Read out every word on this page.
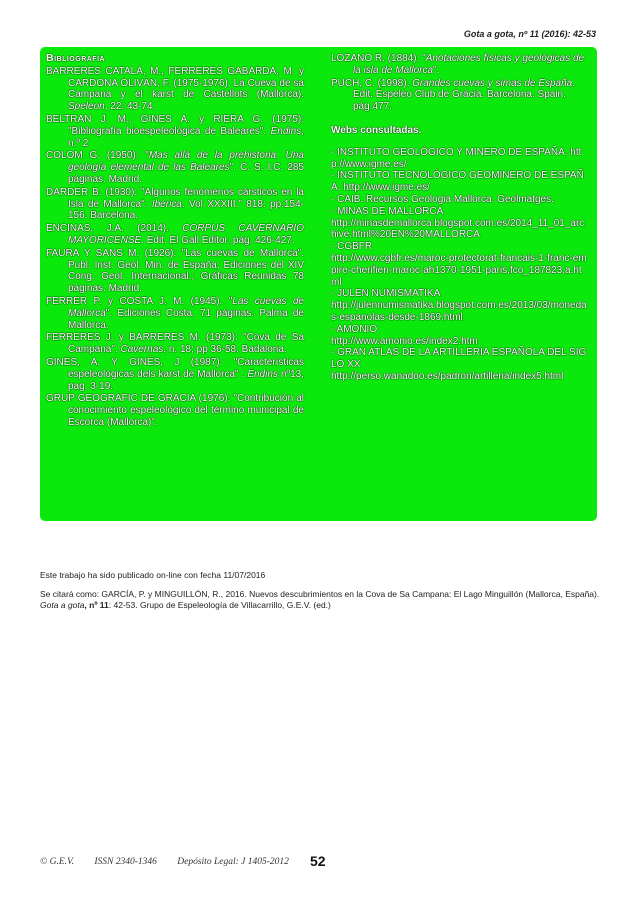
Gota a gota, nº 11 (2016): 42-53
Bibliografía
BARRERES CATALÁ, M., FERRERES GABARDA, M. y CARDONA OLIVÁN, F. (1975-1976). La Cueva de sa Campana y el karst de Castellots (Mallorca). Speleon, 22: 43-74.
BELTRAN J. M., GINES A. y RIERA G. (1975): "Bibliografía bioespeleológica de Baleares". Endins, n.º 2
COLOM G. (1950): "Mas allá de la prehistoria. Una geología elemental de las Baleares". C. S. I.C. 285 páginas. Madrid.
DARDER B. (1930): "Algunos fenómenos cársticos en la Isla de Mallorca". Ibérica. Vol XXXIII." 818: pp.154-156. Barcelona.
ENCINAS, J.A. (2014). CORPUS CAVERNARIO MAYORICENSE. Edit. El Gall Editor. pág. 426-427.
FAURA Y SANS M. (1926): "Las cuevas de Mallorca". Publ. Inst. Geol. Min. de España; Ediciones del XIV Cong. Geol. Internacional.; Gráficas Reunidas 78 páginas. Madrid.
FERRER P. y COSTA J. M. (1945). "Las cuevas de Mallorca". Ediciones Costa. 71 páginas. Palma de Mallorca.
FERRERES J. y BARRERES M. (1973): "Cova de Sa Campana". Cavernas. n. 18; pp 36-58. Badalona.
GINÉS, A. Y GINÉS, J (1987): "Características espeleológicas dels karst de Mallorca" . Endins nº13, pag. 3-19.
GRUP GEOGRÀFIC DE GRÀCIA (1976): "Contribución al conocimiento espeleológico del término municipal de Escorca (Mallorca)".
LOZANO R. (1884): "Anotaciones físicas y geológicas de la isla de Mallorca".
PUCH, C. (1998). Grandes cuevas y simas de España. Edit. Espeleo Club de Gràcia. Barcelona. Spain. pág.477.
Webs consultadas.
- INSTITUTO GEOLÓGICO Y MINERO DE ESPAÑA. http://www.igme.es/
- INSTITUTO TECNOLÓGICO GEOMINERO DE ESPAÑA. http://www.igme.es/
- CAIB. Recursos Geologia Mallorca. Geolmatges.
- MINAS DE MALLORCA
http://minasdemallorca.blogspot.com.es/2014_11_01_archive.html%20EN%20MALLORCA
- CGBFR
http://www.cgbfr.es/maroc-protectorat-francais-1-franc-empire-cherifien-maroc-ah1370-1951-paris,fco_187823,a.html
- JULEN NUMISMATIKA
http://julennumismatika.blogspot.com.es/2013/03/monedas-espanolas-desde-1869.html
- AMONIO
http://www.amonio.es/index2.htm
- GRAN ATLAS DE LA ARTILLERÍA ESPAÑOLA DEL SIGLO XX
http://perso.wanadoo.es/padron/artilleria/index5.html
Este trabajo ha sido publicado on-line con fecha 11/07/2016
Se citará como: GARCÍA, P. y MINGUILLÓN, R., 2016. Nuevos descubrimientos en la Cova de Sa Campana: El Lago Minguillón (Mallorca, España).
Gota a gota, nº 11: 42-53. Grupo de Espeleología de Villacarrillo, G.E.V. (ed.)
© G.E.V. ISSN 2340-1346 Depósito Legal: J 1405-2012	52
